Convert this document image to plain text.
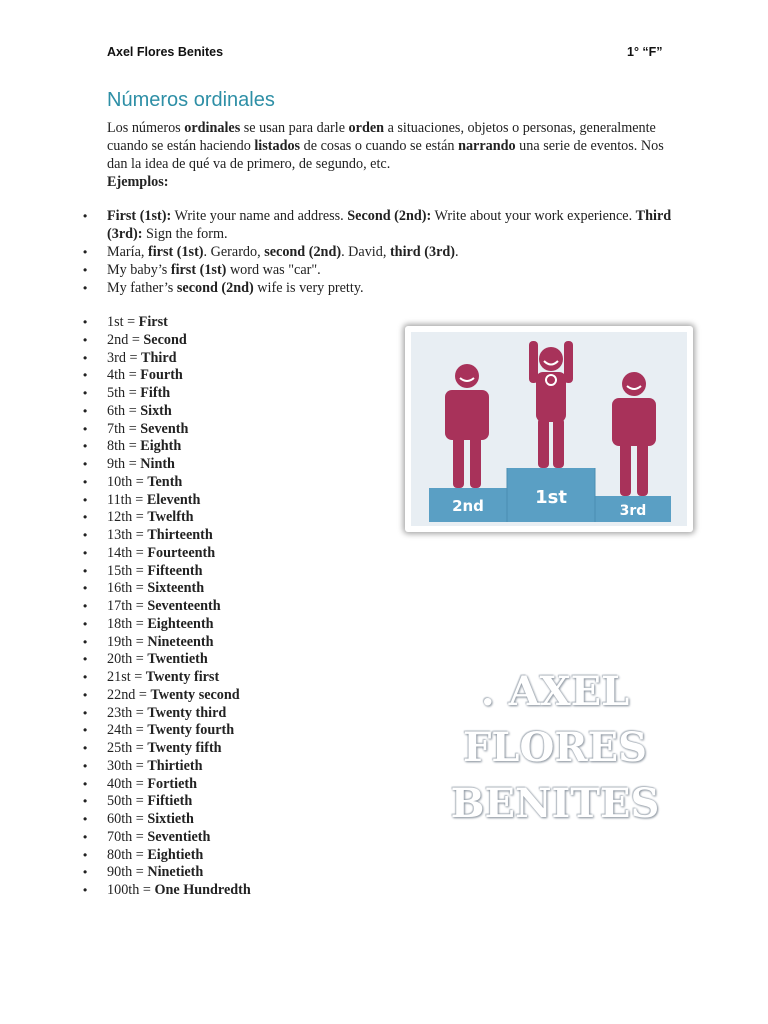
Axel Flores Benites	1° “F”
Números ordinales

Los números ordinales se usan para darle orden a situaciones, objetos o personas, generalmente cuando se están haciendo listados de cosas o cuando se están narrando una serie de eventos. Nos dan la idea de qué va de primero, de segundo, etc.
Ejemplos:

• First (1st): Write your name and address. Second (2nd): Write about your work experience. Third (3rd): Sign the form.
• María, first (1st). Gerardo, second (2nd). David, third (3rd).
• My baby’s first (1st) word was "car".
• My father’s second (2nd) wife is very pretty.
• 1st = First
• 2nd = Second
• 3rd = Third
• 4th = Fourth
• 5th = Fifth
• 6th = Sixth
• 7th = Seventh
• 8th = Eighth
• 9th = Ninth
• 10th = Tenth
• 11th = Eleventh
• 12th = Twelfth
• 13th = Thirteenth
• 14th = Fourteenth
• 15th = Fifteenth
• 16th = Sixteenth
• 17th = Seventeenth
• 18th = Eighteenth
• 19th = Nineteenth
• 20th = Twentieth
• 21st = Twenty first
• 22nd = Twenty second
• 23th = Twenty third
• 24th = Twenty fourth
• 25th = Twenty fifth
• 30th = Thirtieth
• 40th = Fortieth
• 50th = Fiftieth
• 60th = Sixtieth
• 70th = Seventieth
• 80th = Eightieth
• 90th = Ninetieth
• 100th = One Hundredth
2nd	1st
3rd
. AXEL
FLORES
BENITES
